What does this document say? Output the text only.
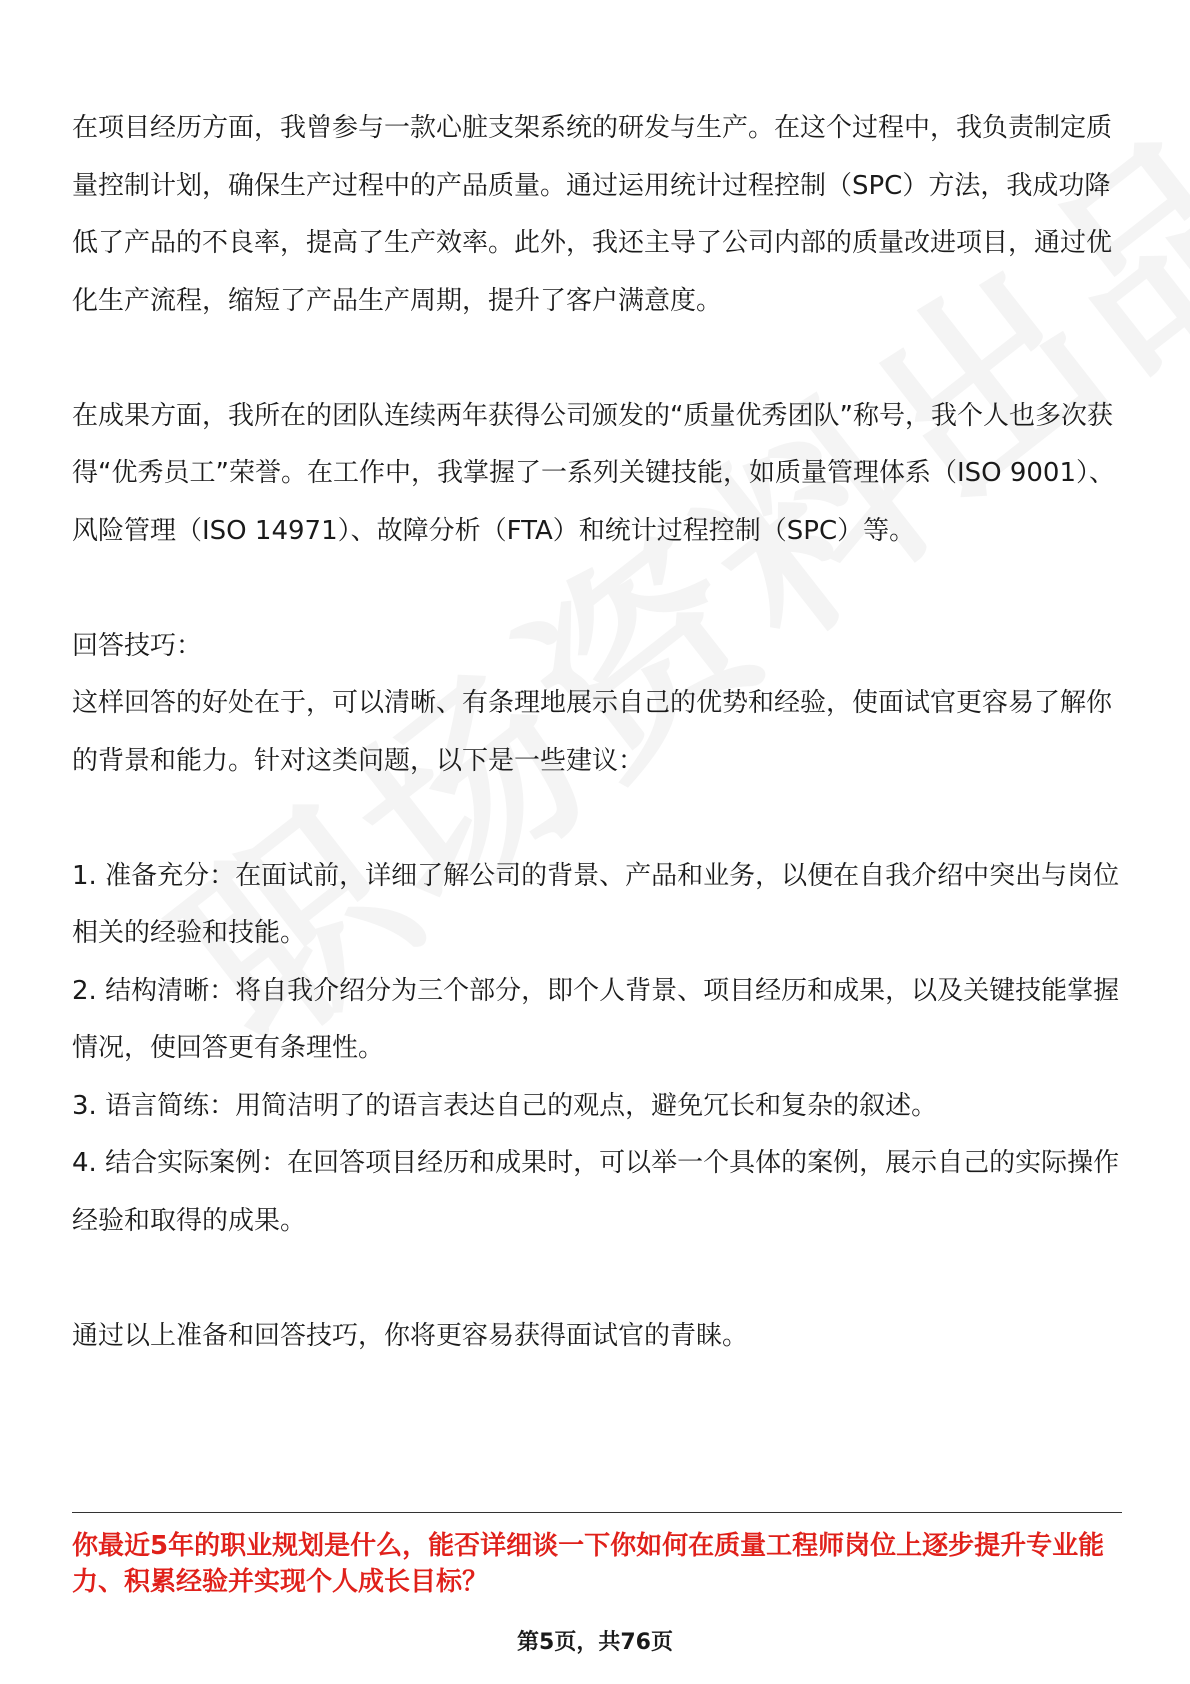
在项目经历方面，我曾参与一款心脏支架系统的研发与生产。在这个过程中，我负责制定质量控制计划，确保生产过程中的产品质量。通过运用统计过程控制（SPC）方法，我成功降低了产品的不良率，提高了生产效率。此外，我还主导了公司内部的质量改进项目，通过优化生产流程，缩短了产品生产周期，提升了客户满意度。

在成果方面，我所在的团队连续两年获得公司颁发的“质量优秀团队”称号，我个人也多次获得“优秀员工”荣誉。在工作中，我掌握了一系列关键技能，如质量管理体系（ISO 9001）、风险管理（ISO 14971）、故障分析（FTA）和统计过程控制（SPC）等。

回答技巧：

这样回答的好处在于，可以清晰、有条理地展示自己的优势和经验，使面试官更容易了解你的背景和能力。针对这类问题，以下是一些建议：

1. 准备充分：在面试前，详细了解公司的背景、产品和业务，以便在自我介绍中突出与岗位相关的经验和技能。

2. 结构清晰：将自我介绍分为三个部分，即个人背景、项目经历和成果，以及关键技能掌握情况，使回答更有条理性。

3. 语言简练：用简洁明了的语言表达自己的观点，避免冗长和复杂的叙述。

4. 结合实际案例：在回答项目经历和成果时，可以举一个具体的案例，展示自己的实际操作经验和取得的成果。

通过以上准备和回答技巧，你将更容易获得面试官的青睐。

你最近5年的职业规划是什么，能否详细谈一下你如何在质量工程师岗位上逐步提升专业能力、积累经验并实现个人成长目标？

第5页，共76页
